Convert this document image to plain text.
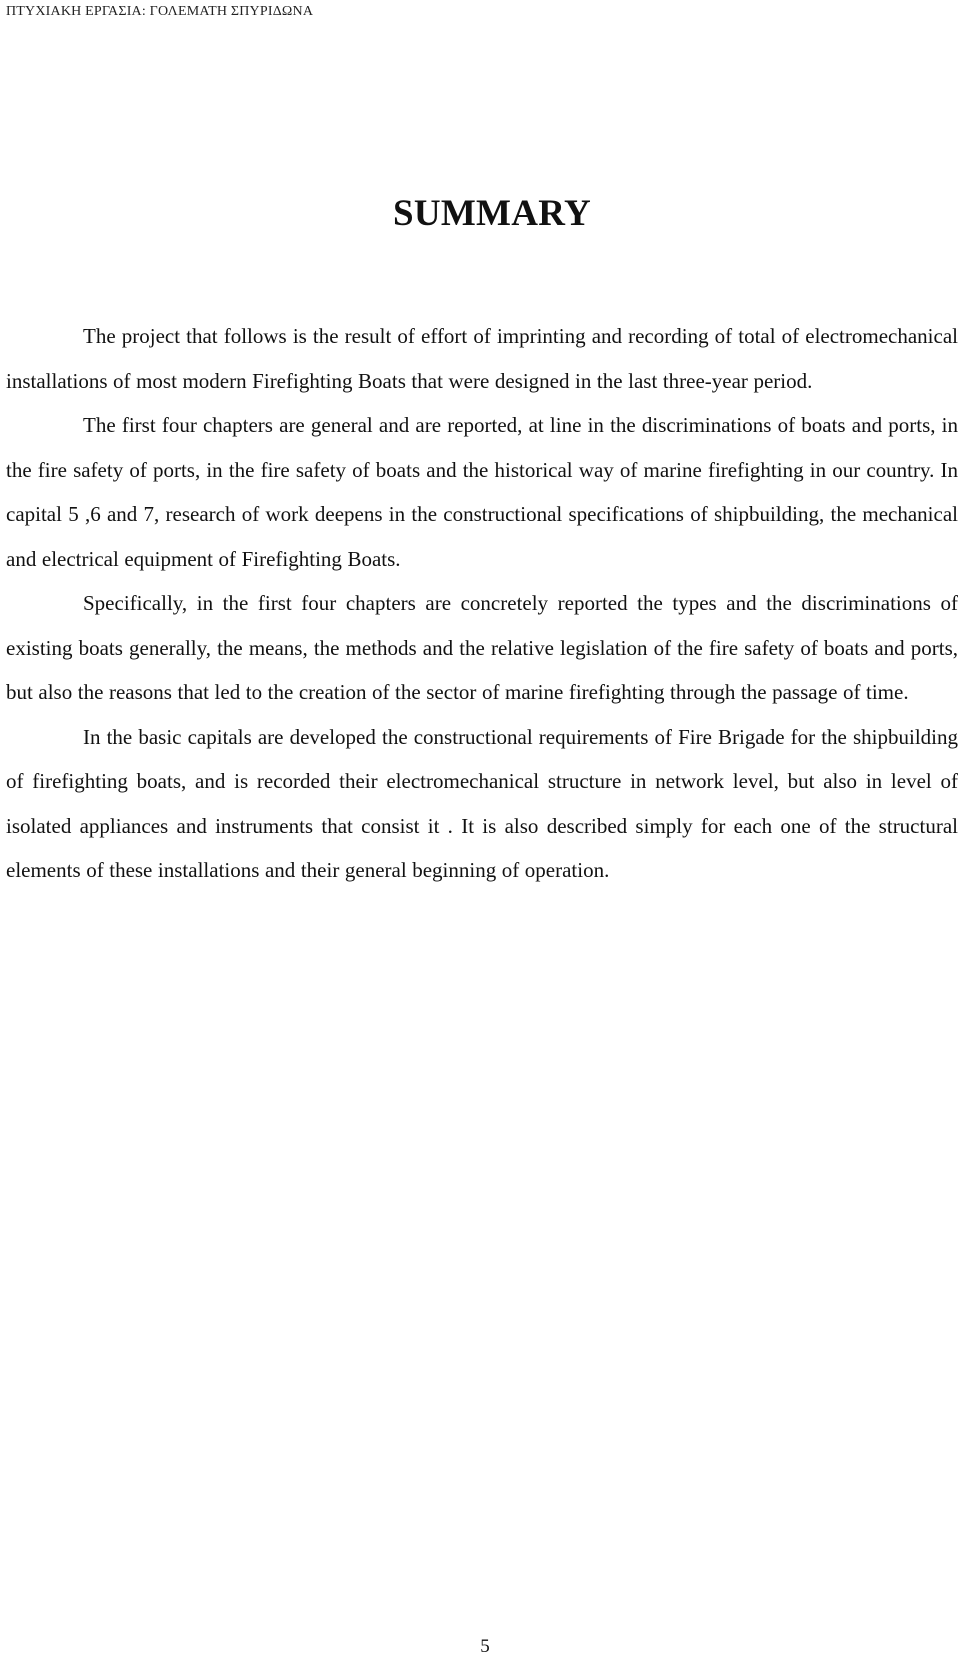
ΠΤΥΧΙΑΚΗ ΕΡΓΑΣΙΑ: ΓΟΛΕΜΑΤΗ ΣΠΥΡΙΔΩΝΑ
SUMMARY

The project that follows is the result of effort of imprinting and recording of total of electromechanical installations of most modern Firefighting Boats that were designed in the last three-year period.

The first four chapters are general and are reported, at line in the discriminations of boats and ports, in the fire safety of ports, in the fire safety of boats and the historical way of marine firefighting in our country. In capital 5 ,6 and 7, research of work deepens in the constructional specifications of shipbuilding, the mechanical and electrical equipment of Firefighting Boats.

Specifically, in the first four chapters are concretely reported the types and the discriminations of existing boats generally, the means, the methods and the relative legislation of the fire safety of boats and ports, but also the reasons that led to the creation of the sector of marine firefighting through the passage of time.

In the basic capitals are developed the constructional requirements of Fire Brigade for the shipbuilding of firefighting boats, and is recorded their electromechanical structure in network level, but also in level of isolated appliances and instruments that consist it . It is also described simply for each one of the structural elements of these installations and their general beginning of operation.

5
